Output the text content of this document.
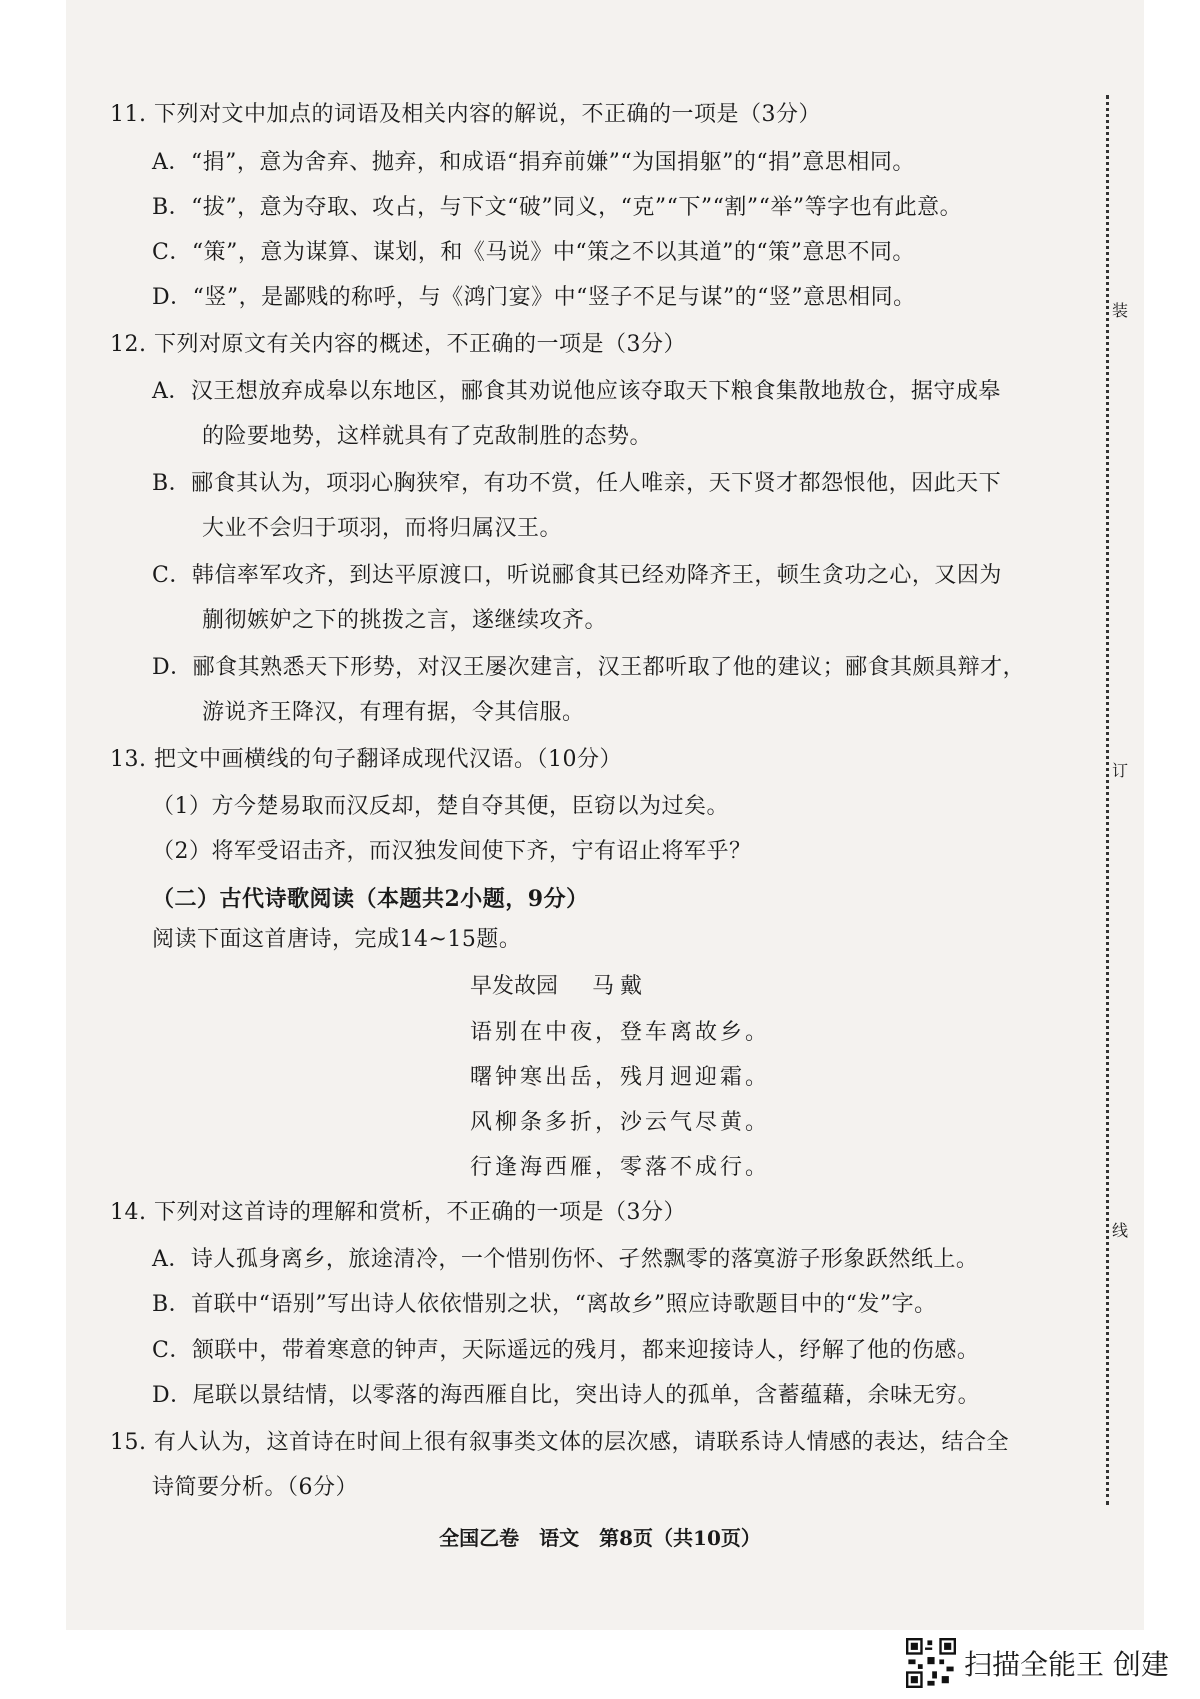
装
订
线
11. 下列对文中加点的词语及相关内容的解说，不正确的一项是（3分）
A．“捐”，意为舍弃、抛弃，和成语“捐弃前嫌”“为国捐躯”的“捐”意思相同。
B．“拔”，意为夺取、攻占，与下文“破”同义，“克”“下”“割”“举”等字也有此意。
C．“策”，意为谋算、谋划，和《马说》中“策之不以其道”的“策”意思不同。
D．“竖”，是鄙贱的称呼，与《鸿门宴》中“竖子不足与谋”的“竖”意思相同。
12. 下列对原文有关内容的概述，不正确的一项是（3分）
A．汉王想放弃成皋以东地区，郦食其劝说他应该夺取天下粮食集散地敖仓，据守成皋
的险要地势，这样就具有了克敌制胜的态势。
B．郦食其认为，项羽心胸狭窄，有功不赏，任人唯亲，天下贤才都怨恨他，因此天下
大业不会归于项羽，而将归属汉王。
C．韩信率军攻齐，到达平原渡口，听说郦食其已经劝降齐王，顿生贪功之心，又因为
蒯彻嫉妒之下的挑拨之言，遂继续攻齐。
D．郦食其熟悉天下形势，对汉王屡次建言，汉王都听取了他的建议；郦食其颇具辩才，
游说齐王降汉，有理有据，令其信服。
13. 把文中画横线的句子翻译成现代汉语。（10分）
（1）方今楚易取而汉反却，楚自夺其便，臣窃以为过矣。
（2）将军受诏击齐，而汉独发间使下齐，宁有诏止将军乎？
（二）古代诗歌阅读（本题共2小题，9分）
阅读下面这首唐诗，完成14~15题。
早发故园 马戴
语别在中夜，登车离故乡。
曙钟寒出岳，残月迥迎霜。
风柳条多折，沙云气尽黄。
行逢海西雁，零落不成行。
14. 下列对这首诗的理解和赏析，不正确的一项是（3分）
A．诗人孤身离乡，旅途清冷，一个惜别伤怀、孑然飘零的落寞游子形象跃然纸上。
B．首联中“语别”写出诗人依依惜别之状，“离故乡”照应诗歌题目中的“发”字。
C．颔联中，带着寒意的钟声，天际遥远的残月，都来迎接诗人，纾解了他的伤感。
D．尾联以景结情，以零落的海西雁自比，突出诗人的孤单，含蓄蕴藉，余味无穷。
15. 有人认为，这首诗在时间上很有叙事类文体的层次感，请联系诗人情感的表达，结合全
诗简要分析。（6分）
全国乙卷　语文　第8页（共10页）
扫描全能王 创建
